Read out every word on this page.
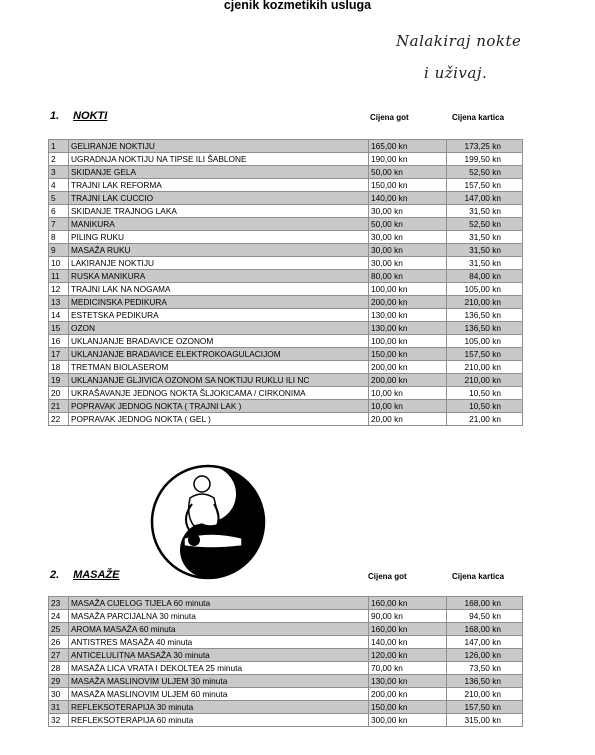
cjenik kozmetikih usluga
Nalakiraj nokte
i uživaj.
1. NOKTI	Cijena got	Cijena kartica
1	GELIRANJE NOKTIJU	165,00 kn	173,25 kn
2	UGRADNJA NOKTIJU NA TIPSE ILI ŠABLONE	190,00 kn	199,50 kn
3	SKIDANJE GELA	50,00 kn	52,50 kn
4	TRAJNI LAK REFORMA	150,00 kn	157,50 kn
5	TRAJNI LAK CUCCIO	140,00 kn	147,00 kn
6	SKIDANJE TRAJNOG LAKA	30,00 kn	31,50 kn
7	MANIKURA	50,00 kn	52,50 kn
8	PILING RUKU	30,00 kn	31,50 kn
9	MASAŽA RUKU	30,00 kn	31,50 kn
10	LAKIRANJE NOKTIJU	30,00 kn	31,50 kn
11	RUSKA MANIKURA	80,00 kn	84,00 kn
12	TRAJNI LAK NA NOGAMA	100,00 kn	105,00 kn
13	MEDICINSKA PEDIKURA	200,00 kn	210,00 kn
14	ESTETSKA PEDIKURA	130,00 kn	136,50 kn
15	OZON	130,00 kn	136,50 kn
16	UKLANJANJE BRADAVICE OZONOM	100,00 kn	105,00 kn
17	UKLANJANJE BRADAVICE ELEKTROKOAGULACIJOM	150,00 kn	157,50 kn
18	TRETMAN BIOLASEROM	200,00 kn	210,00 kn
19	UKLANJANJE GLJIVICA OZONOM SA NOKTIJU RUKLU ILI NC	200,00 kn	210,00 kn
20	UKRAŠAVANJE JEDNOG NOKTA ŠLJOKICAMA / CIRKONIMA	10,00 kn	10,50 kn
21	POPRAVAK JEDNOG NOKTA ( TRAJNI LAK )	10,00 kn	10,50 kn
22	POPRAVAK JEDNOG NOKTA ( GEL )	20,00 kn	21,00 kn
2. MASAŽE	Cijena got	Cijena kartica
23	MASAŽA CIJELOG TIJELA 60 minuta	160,00 kn	168,00 kn
24	MASAŽA PARCIJALNA 30 minuta	90,00 kn	94,50 kn
25	AROMA MASAŽA 60 minuta	160,00 kn	168,00 kn
26	ANTISTRES MASAŽA 40 minuta	140,00 kn	147,00 kn
27	ANTICELULITNA MASAŽA 30 minuta	120,00 kn	126,00 kn
28	MASAŽA LICA VRATA I DEKOLTEA 25 minuta	70,00 kn	73,50 kn
29	MASAŽA MASLINOVIM ULJEM 30 minuta	130,00 kn	136,50 kn
30	MASAŽA MASLINOVIM ULJEM 60 minuta	200,00 kn	210,00 kn
31	REFLEKSOTERAPIJA 30 minuta	150,00 kn	157,50 kn
32	REFLEKSOTERAPIJA 60 minuta	300,00 kn	315,00 kn
